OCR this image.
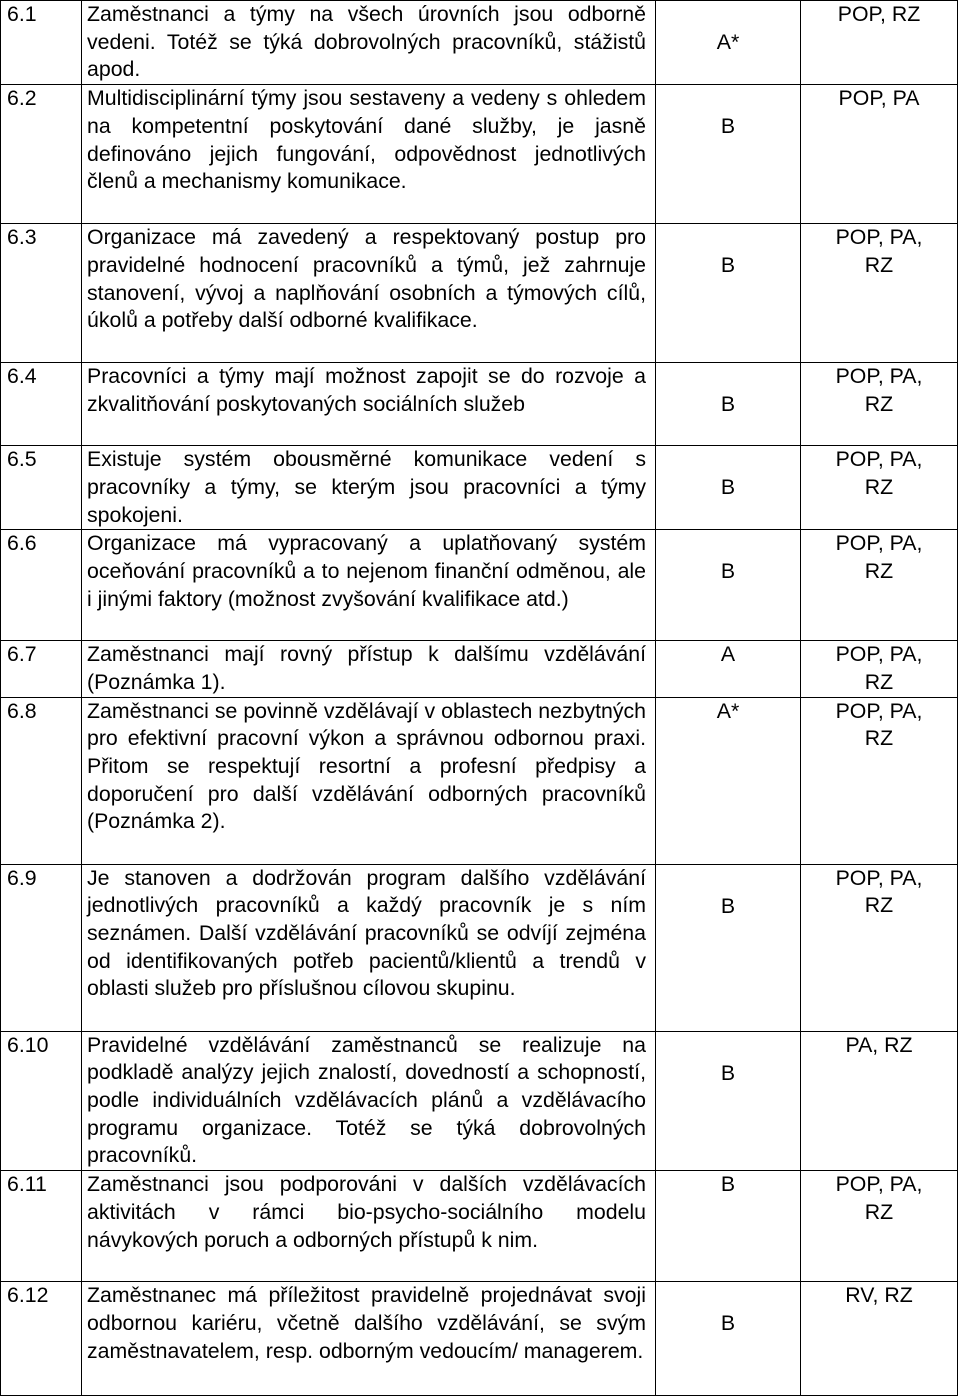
6.1	Zaměstnanci a týmy na všech úrovních jsou odborně vedeni. Totéž se týká dobrovolných pracovníků, stážistů apod.	A*	POP, RZ
6.2	Multidisciplinární týmy jsou sestaveny a vedeny s ohledem na kompetentní poskytování dané služby, je jasně definováno jejich fungování, odpovědnost jednotlivých členů a mechanismy komunikace.	B	POP, PA
6.3	Organizace má zavedený a respektovaný postup pro pravidelné hodnocení pracovníků a týmů, jež zahrnuje stanovení, vývoj a naplňování osobních a týmových cílů, úkolů a potřeby další odborné kvalifikace.	B	POP, PA, RZ
6.4	Pracovníci a týmy mají možnost zapojit se do rozvoje a zkvalitňování poskytovaných sociálních služeb	B	POP, PA, RZ
6.5	Existuje systém obousměrné komunikace vedení s pracovníky a týmy, se kterým jsou pracovníci a týmy spokojeni.	B	POP, PA, RZ
6.6	Organizace má vypracovaný a uplatňovaný systém oceňování pracovníků a to nejenom finanční odměnou, ale i jinými faktory (možnost zvyšování kvalifikace atd.)	B	POP, PA, RZ
6.7	Zaměstnanci mají rovný přístup k dalšímu vzdělávání (Poznámka 1).	A	POP, PA, RZ
6.8	Zaměstnanci se povinně vzdělávají v oblastech nezbytných pro efektivní pracovní výkon a správnou odbornou praxi. Přitom se respektují resortní a profesní předpisy a doporučení pro další vzdělávání odborných pracovníků (Poznámka 2).	A*	POP, PA, RZ
6.9	Je stanoven a dodržován program dalšího vzdělávání jednotlivých pracovníků a každý pracovník je s ním seznámen. Další vzdělávání pracovníků se odvíjí zejména od identifikovaných potřeb pacientů/klientů a trendů v oblasti služeb pro příslušnou cílovou skupinu.	B	POP, PA, RZ
6.10	Pravidelné vzdělávání zaměstnanců se realizuje na podkladě analýzy jejich znalostí, dovedností a schopností, podle individuálních vzdělávacích plánů a vzdělávacího programu organizace. Totéž se týká dobrovolných pracovníků.	B	PA, RZ
6.11	Zaměstnanci jsou podporováni v dalších vzdělávacích aktivitách v rámci bio-psycho-sociálního modelu návykových poruch a odborných přístupů k nim.	B	POP, PA, RZ
6.12	Zaměstnanec má příležitost pravidelně projednávat svoji odbornou kariéru, včetně dalšího vzdělávání, se svým zaměstnavatelem, resp. odborným vedoucím/ managerem.	B	RV, RZ
